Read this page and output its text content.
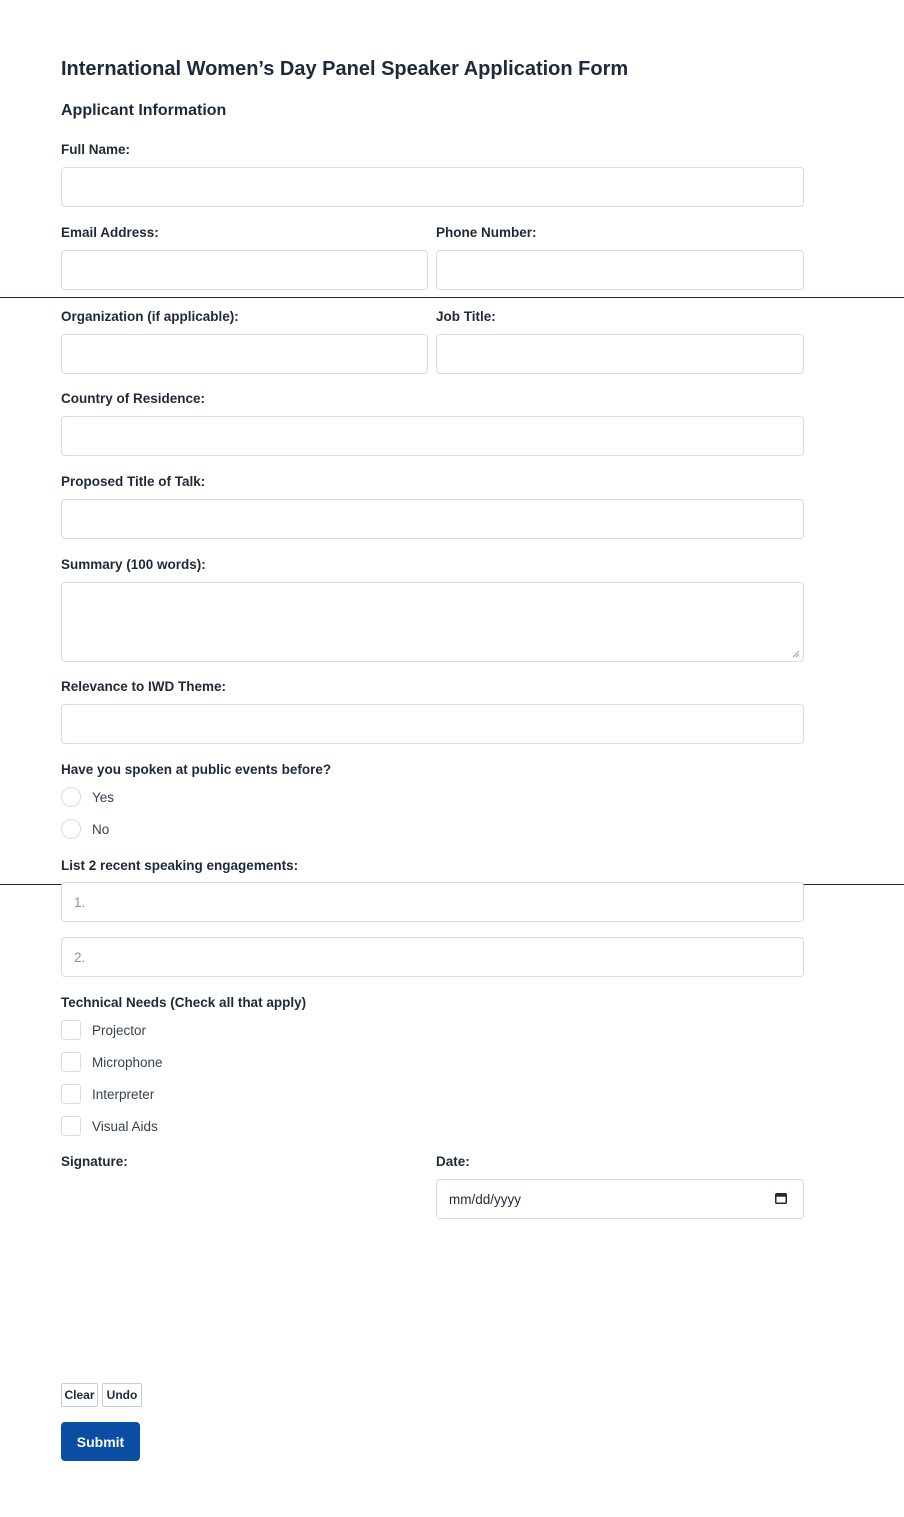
International Women’s Day Panel Speaker Application Form
Applicant Information
Full Name:
Email Address:	Phone Number:
Organization (if applicable):	Job Title:
Country of Residence:
Proposed Title of Talk:
Summary (100 words):
Relevance to IWD Theme:
Have you spoken at public events before?
Yes
No
List 2 recent speaking engagements:
1.
2.
Technical Needs (Check all that apply)
Projector
Microphone
Interpreter
Visual Aids
Signature:	Date:
mm/dd/yyyy
Clear	Undo
Submit
